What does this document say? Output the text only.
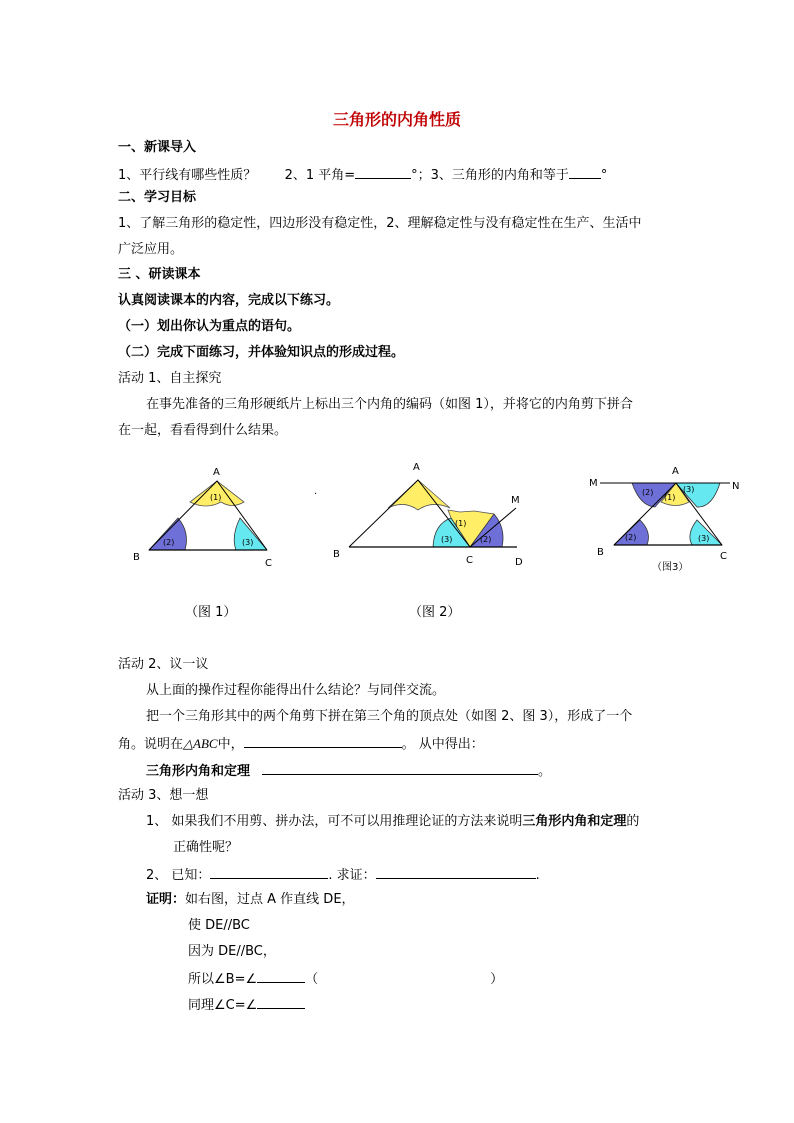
三角形的内角性质
一、新课导入
1、平行线有哪些性质？ 2、1 平角=	°；3、三角形的内角和等于 °
二、学习目标
1、了解三角形的稳定性，四边形没有稳定性，2、理解稳定性与没有稳定性在生产、生活中
广泛应用。
三 、研读课本
认真阅读课本的内容，完成以下练习。
（一）划出你认为重点的语句。
（二）完成下面练习，并体验知识点的形成过程。
活动 1、自主探究
在事先准备的三角形硬纸片上标出三个内角的编码（如图 1），并将它的内角剪下拼合
在一起，看看得到什么结果。
(1)
(2)	(3)
A
B
C
.
(1)
(3)	(2)
A
B
C	D
M
(2)
(1)
(3)
(2)	(3)
A
M	N
B	C
（图3）
（图 1）	（图 2）
活动 2、议一议
从上面的操作过程你能得出什么结论？与同伴交流。
把一个三角形其中的两个角剪下拼在第三个角的顶点处（如图 2、图 3），形成了一个
角。说明在△ABC中，	。 从中得出：
三角形内角和定理	。
活动 3、想一想
1、 如果我们不用剪、拼办法，可不可以用推理论证的方法来说明三角形内角和定理的
正确性呢？
2、 已知：	. 求证：	.
证明：如右图，过点 A 作直线 DE，
使 DE//BC
因为 DE//BC，
所以∠B=∠	（	）
同理∠C=∠
